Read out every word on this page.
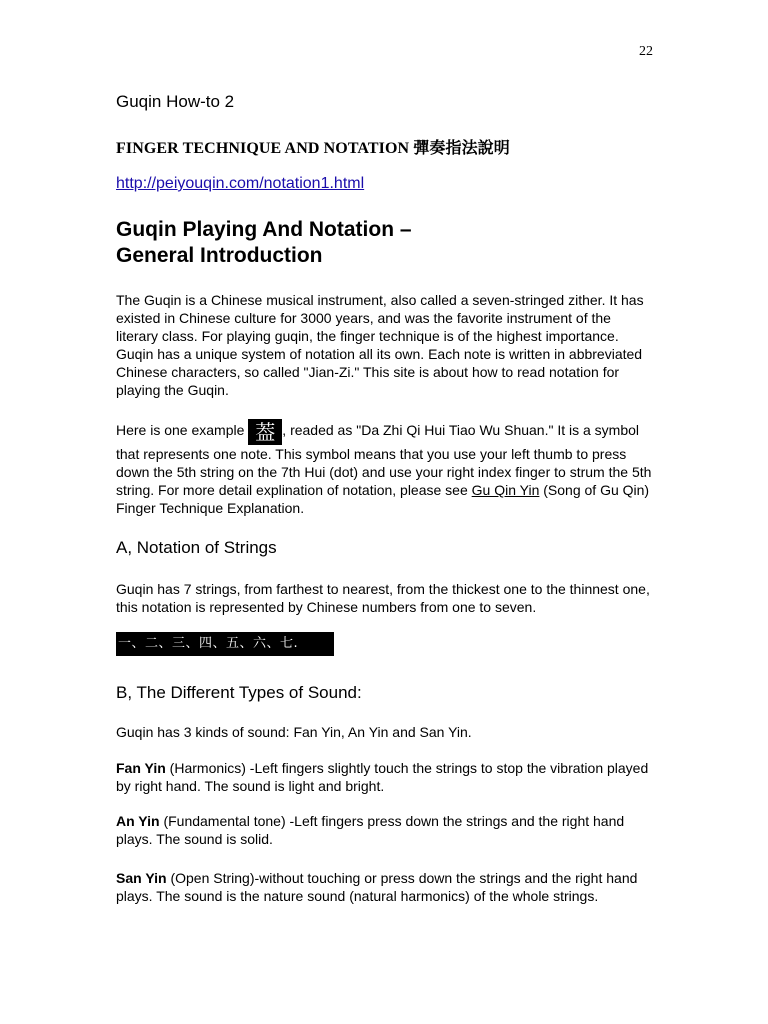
22
Guqin How-to 2
FINGER TECHNIQUE AND NOTATION 彈奏指法說明
http://peiyouqin.com/notation1.html
Guqin Playing And Notation –
General Introduction

The Guqin is a Chinese musical instrument, also called a seven-stringed zither. It has existed in Chinese culture for 3000 years, and was the favorite instrument of the literary class. For playing guqin, the finger technique is of the highest importance. Guqin has a unique system of notation all its own. Each note is written in abbreviated Chinese characters, so called "Jian-Zi." This site is about how to read notation for playing the Guqin.

Here is one example 葢 , readed as "Da Zhi Qi Hui Tiao Wu Shuan." It is a symbol that represents one note. This symbol means that you use your left thumb to press down the 5th string on the 7th Hui (dot) and use your right index finger to strum the 5th string. For more detail explination of notation, please see Gu Qin Yin (Song of Gu Qin) Finger Technique Explanation.

A, Notation of Strings

Guqin has 7 strings, from farthest to nearest, from the thickest one to the thinnest one, this notation is represented by Chinese numbers from one to seven.

一、二、三、四、五、六、七.
B, The Different Types of Sound:

Guqin has 3 kinds of sound: Fan Yin, An Yin and San Yin.

Fan Yin (Harmonics) -Left fingers slightly touch the strings to stop the vibration played by right hand. The sound is light and bright.

An Yin (Fundamental tone) -Left fingers press down the strings and the right hand plays. The sound is solid.

San Yin (Open String)-without touching or press down the strings and the right hand plays. The sound is the nature sound (natural harmonics) of the whole strings.
